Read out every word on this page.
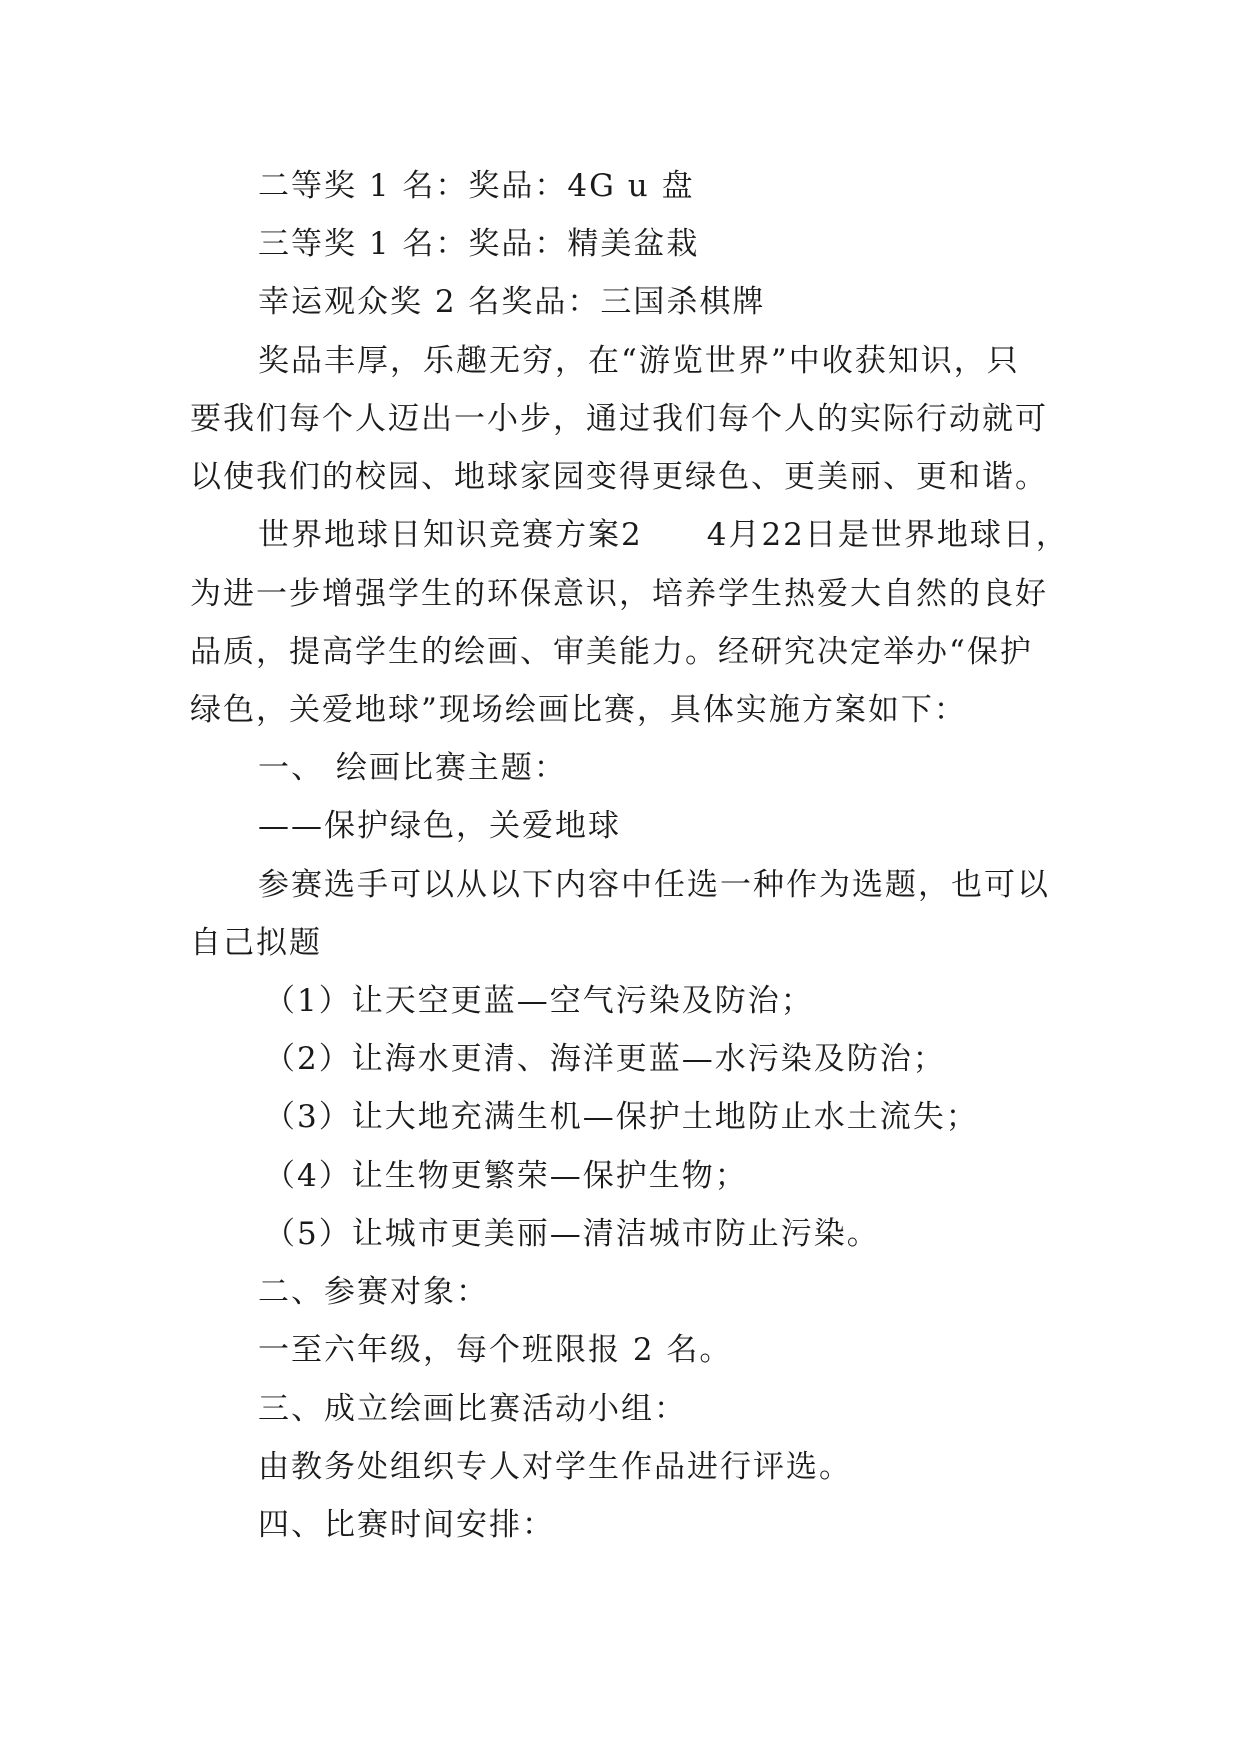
二等奖 1 名：奖品：4G u 盘
三等奖 1 名：奖品：精美盆栽
幸运观众奖 2 名奖品：三国杀棋牌
奖品丰厚，乐趣无穷，在“游览世界”中收获知识，只
要我们每个人迈出一小步，通过我们每个人的实际行动就可
以使我们的校园、地球家园变得更绿色、更美丽、更和谐。
世界地球日知识竞赛方案2 4月22日是世界地球日，
为进一步增强学生的环保意识，培养学生热爱大自然的良好
品质，提高学生的绘画、审美能力。经研究决定举办“保护
绿色，关爱地球”现场绘画比赛，具体实施方案如下：
一、 绘画比赛主题：
——保护绿色，关爱地球
参赛选手可以从以下内容中任选一种作为选题，也可以
自己拟题
（1）让天空更蓝—空气污染及防治；
（2）让海水更清、海洋更蓝—水污染及防治；
（3）让大地充满生机—保护土地防止水土流失；
（4）让生物更繁荣—保护生物；
（5）让城市更美丽—清洁城市防止污染。
二、参赛对象：
一至六年级，每个班限报 2 名。
三、成立绘画比赛活动小组：
由教务处组织专人对学生作品进行评选。
四、比赛时间安排：
